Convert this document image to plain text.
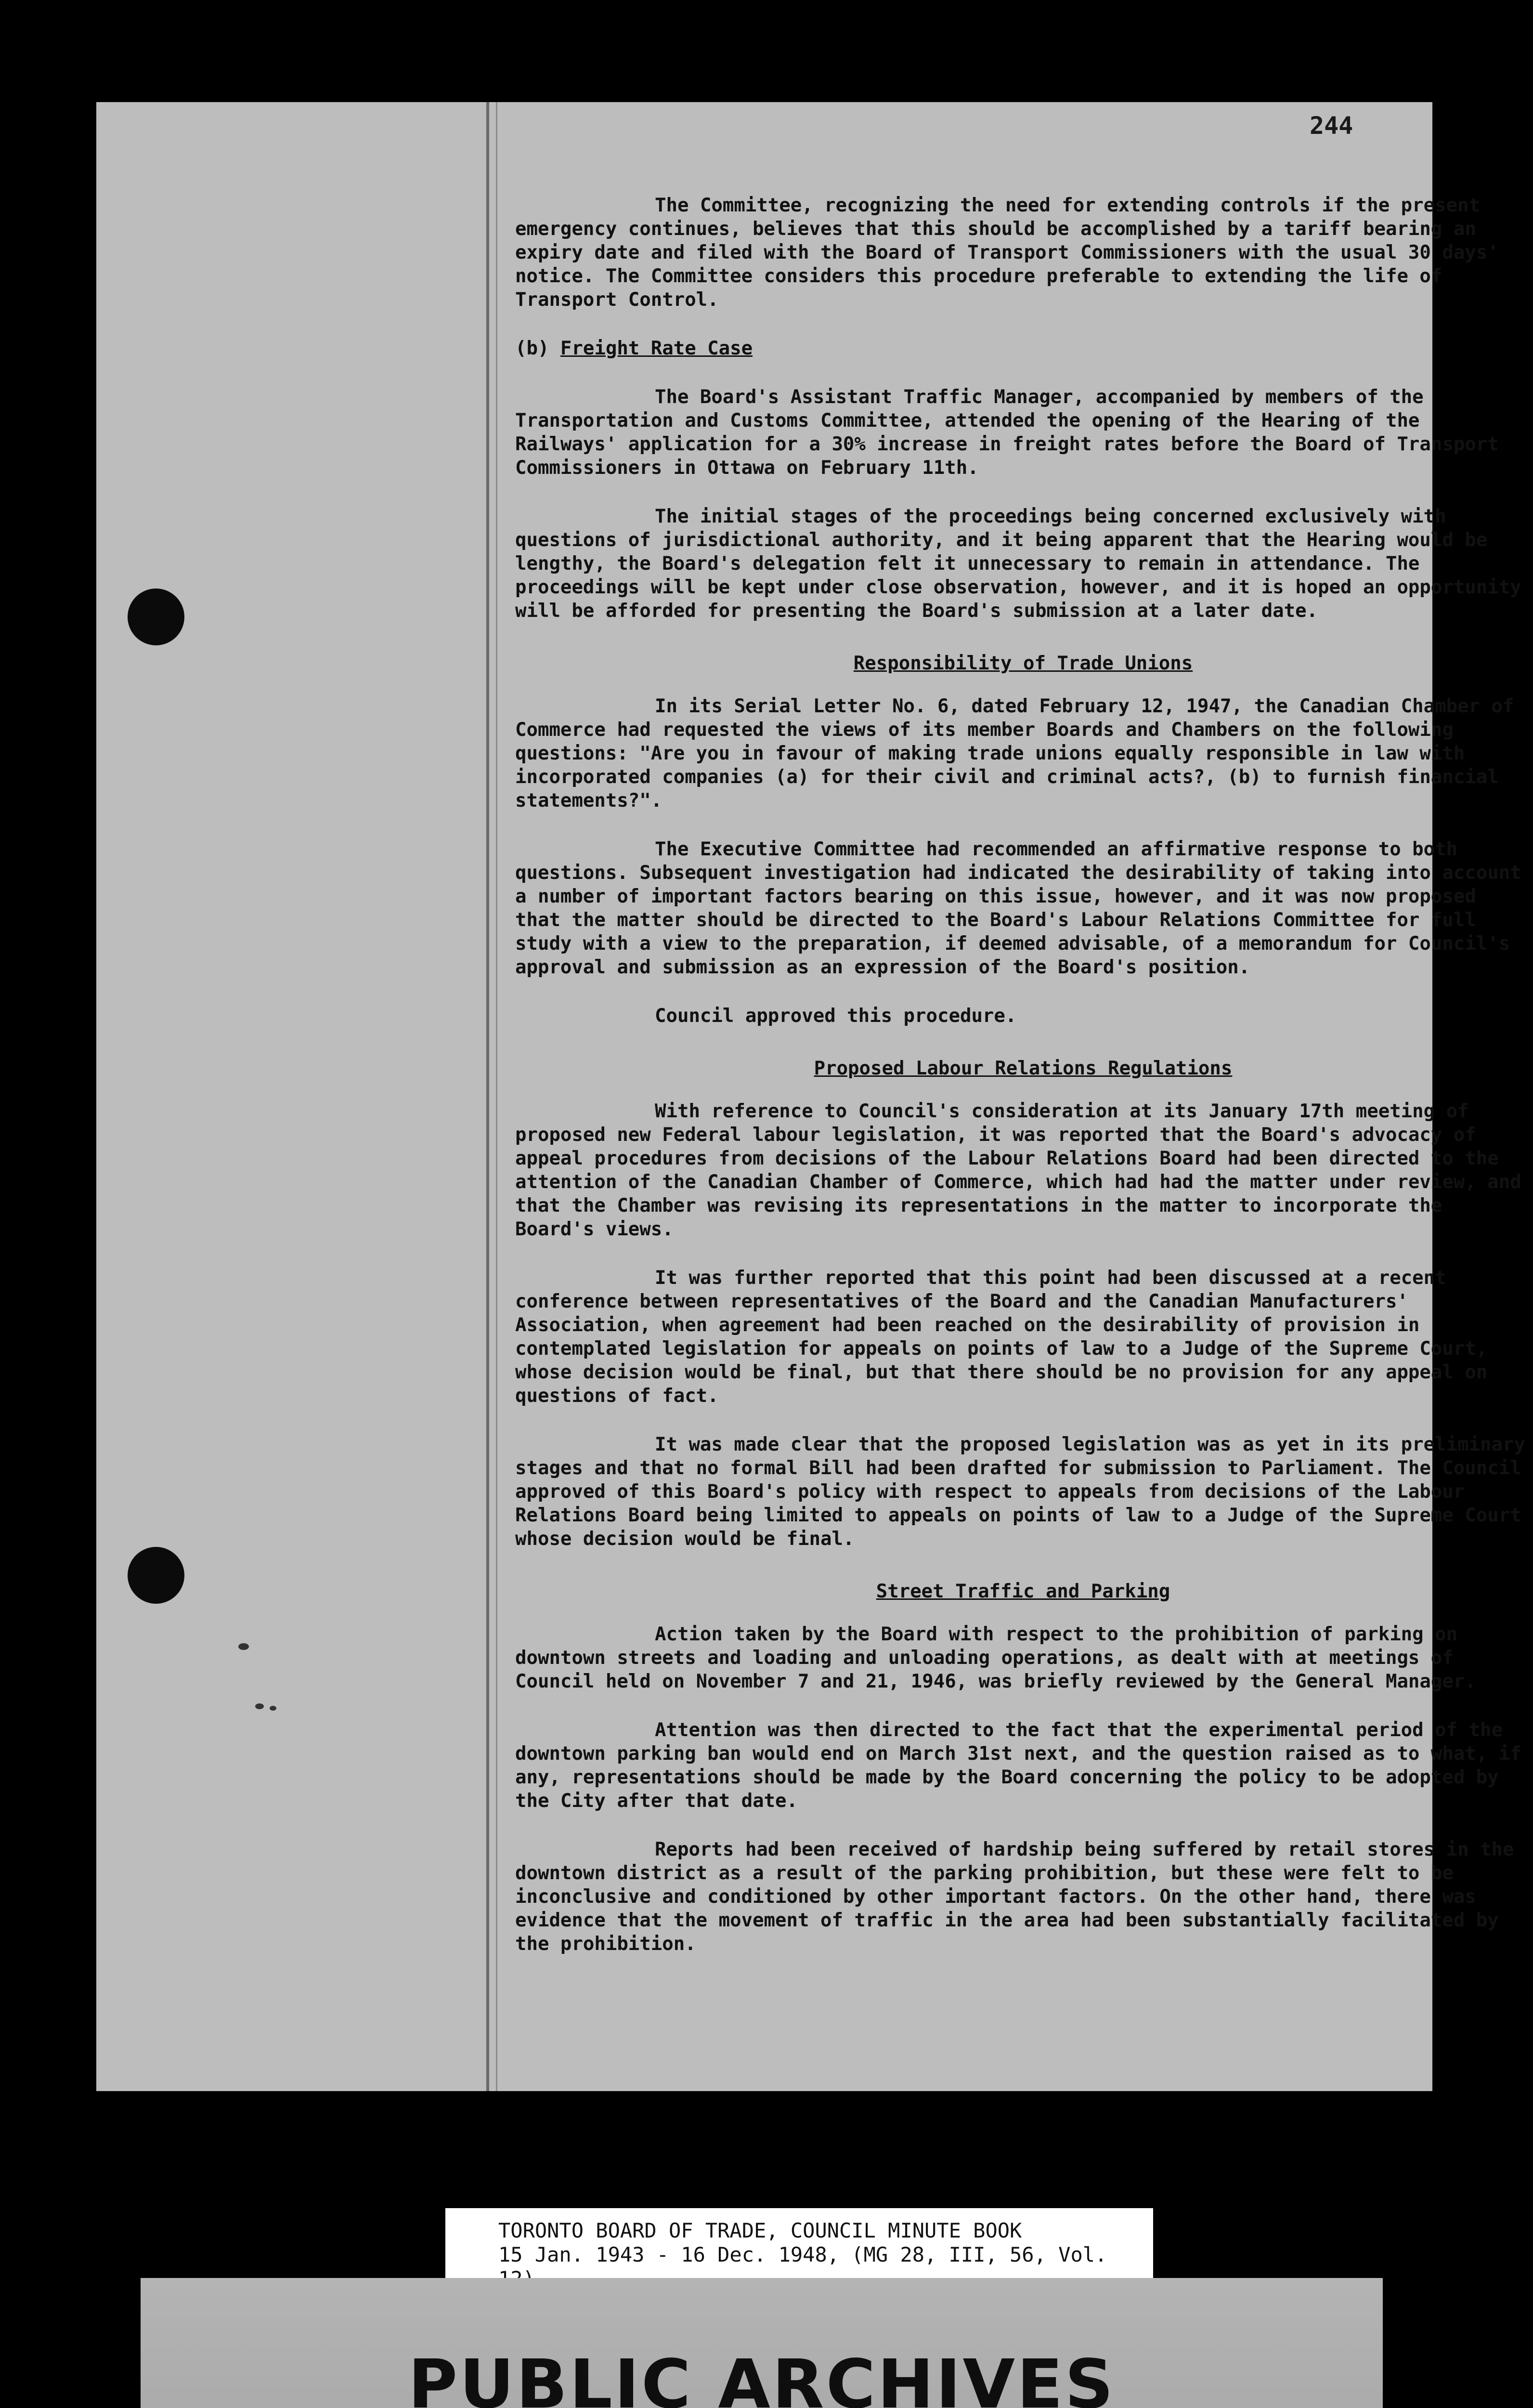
244

The Committee, recognizing the need for extending controls if the present emergency continues, believes that this should be accomplished by a tariff bearing an expiry date and filed with the Board of Transport Commissioners with the usual 30 days' notice. The Committee considers this procedure preferable to extending the life of Transport Control.

(b) Freight Rate Case

The Board's Assistant Traffic Manager, accompanied by members of the Transportation and Customs Committee, attended the opening of the Hearing of the Railways' application for a 30% increase in freight rates before the Board of Transport Commissioners in Ottawa on February 11th.

The initial stages of the proceedings being concerned exclusively with questions of jurisdictional authority, and it being apparent that the Hearing would be lengthy, the Board's delegation felt it unnecessary to remain in attendance. The proceedings will be kept under close observation, however, and it is hoped an opportunity will be afforded for presenting the Board's submission at a later date.

Responsibility of Trade Unions

In its Serial Letter No. 6, dated February 12, 1947, the Canadian Chamber of Commerce had requested the views of its member Boards and Chambers on the following questions: "Are you in favour of making trade unions equally responsible in law with incorporated companies (a) for their civil and criminal acts?, (b) to furnish financial statements?".

The Executive Committee had recommended an affirmative response to both questions. Subsequent investigation had indicated the desirability of taking into account a number of important factors bearing on this issue, however, and it was now proposed that the matter should be directed to the Board's Labour Relations Committee for full study with a view to the preparation, if deemed advisable, of a memorandum for Council's approval and submission as an expression of the Board's position.

Council approved this procedure.

Proposed Labour Relations Regulations

With reference to Council's consideration at its January 17th meeting of proposed new Federal labour legislation, it was reported that the Board's advocacy of appeal procedures from decisions of the Labour Relations Board had been directed to the attention of the Canadian Chamber of Commerce, which had had the matter under review, and that the Chamber was revising its representations in the matter to incorporate the Board's views.

It was further reported that this point had been discussed at a recent conference between representatives of the Board and the Canadian Manufacturers' Association, when agreement had been reached on the desirability of provision in contemplated legislation for appeals on points of law to a Judge of the Supreme Court, whose decision would be final, but that there should be no provision for any appeal on questions of fact.

It was made clear that the proposed legislation was as yet in its preliminary stages and that no formal Bill had been drafted for submission to Parliament. The Council approved of this Board's policy with respect to appeals from decisions of the Labour Relations Board being limited to appeals on points of law to a Judge of the Supreme Court whose decision would be final.

Street Traffic and Parking

Action taken by the Board with respect to the prohibition of parking on downtown streets and loading and unloading operations, as dealt with at meetings of Council held on November 7 and 21, 1946, was briefly reviewed by the General Manager.

Attention was then directed to the fact that the experimental period of the downtown parking ban would end on March 31st next, and the question raised as to what, if any, representations should be made by the Board concerning the policy to be adopted by the City after that date.

Reports had been received of hardship being suffered by retail stores in the downtown district as a result of the parking prohibition, but these were felt to be inconclusive and conditioned by other important factors. On the other hand, there was evidence that the movement of traffic in the area had been substantially facilitated by the prohibition.

TORONTO BOARD OF TRADE, COUNCIL MINUTE BOOK
15 Jan. 1943 - 16 Dec. 1948, (MG 28, III, 56, Vol.
PUBLIC ARCHIVES
